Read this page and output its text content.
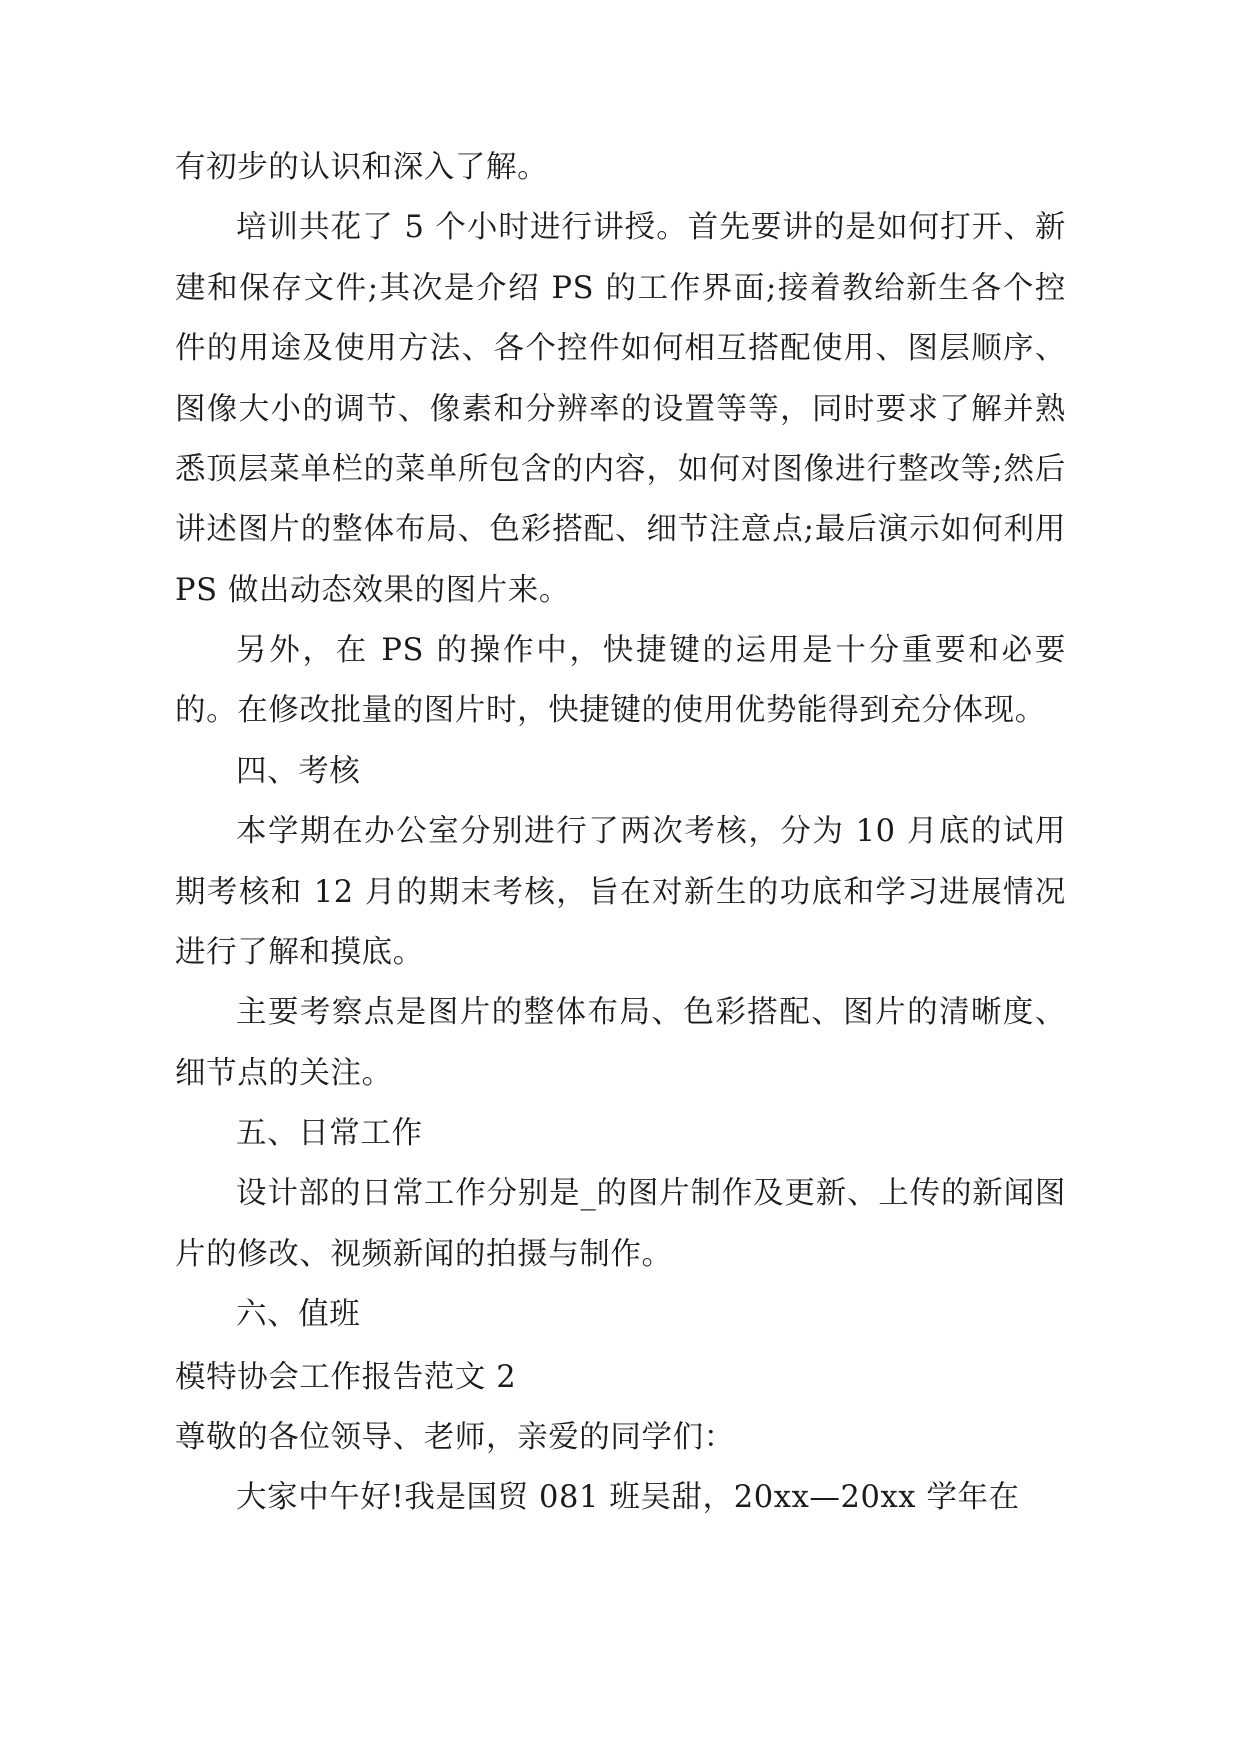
有初步的认识和深入了解。

培训共花了 5 个小时进行讲授。首先要讲的是如何打开、新建和保存文件;其次是介绍 PS 的工作界面;接着教给新生各个控件的用途及使用方法、各个控件如何相互搭配使用、图层顺序、图像大小的调节、像素和分辨率的设置等等，同时要求了解并熟悉顶层菜单栏的菜单所包含的内容，如何对图像进行整改等;然后讲述图片的整体布局、色彩搭配、细节注意点;最后演示如何利用 PS 做出动态效果的图片来。

另外，在 PS 的操作中，快捷键的运用是十分重要和必要的。在修改批量的图片时，快捷键的使用优势能得到充分体现。

四、考核

本学期在办公室分别进行了两次考核，分为 10 月底的试用期考核和 12 月的期末考核，旨在对新生的功底和学习进展情况进行了解和摸底。

主要考察点是图片的整体布局、色彩搭配、图片的清晰度、细节点的关注。

五、日常工作

设计部的日常工作分别是_的图片制作及更新、上传的新闻图片的修改、视频新闻的拍摄与制作。

六、值班

模特协会工作报告范文 2

尊敬的各位领导、老师，亲爱的同学们：

大家中午好!我是国贸 081 班吴甜，20xx—20xx 学年在
